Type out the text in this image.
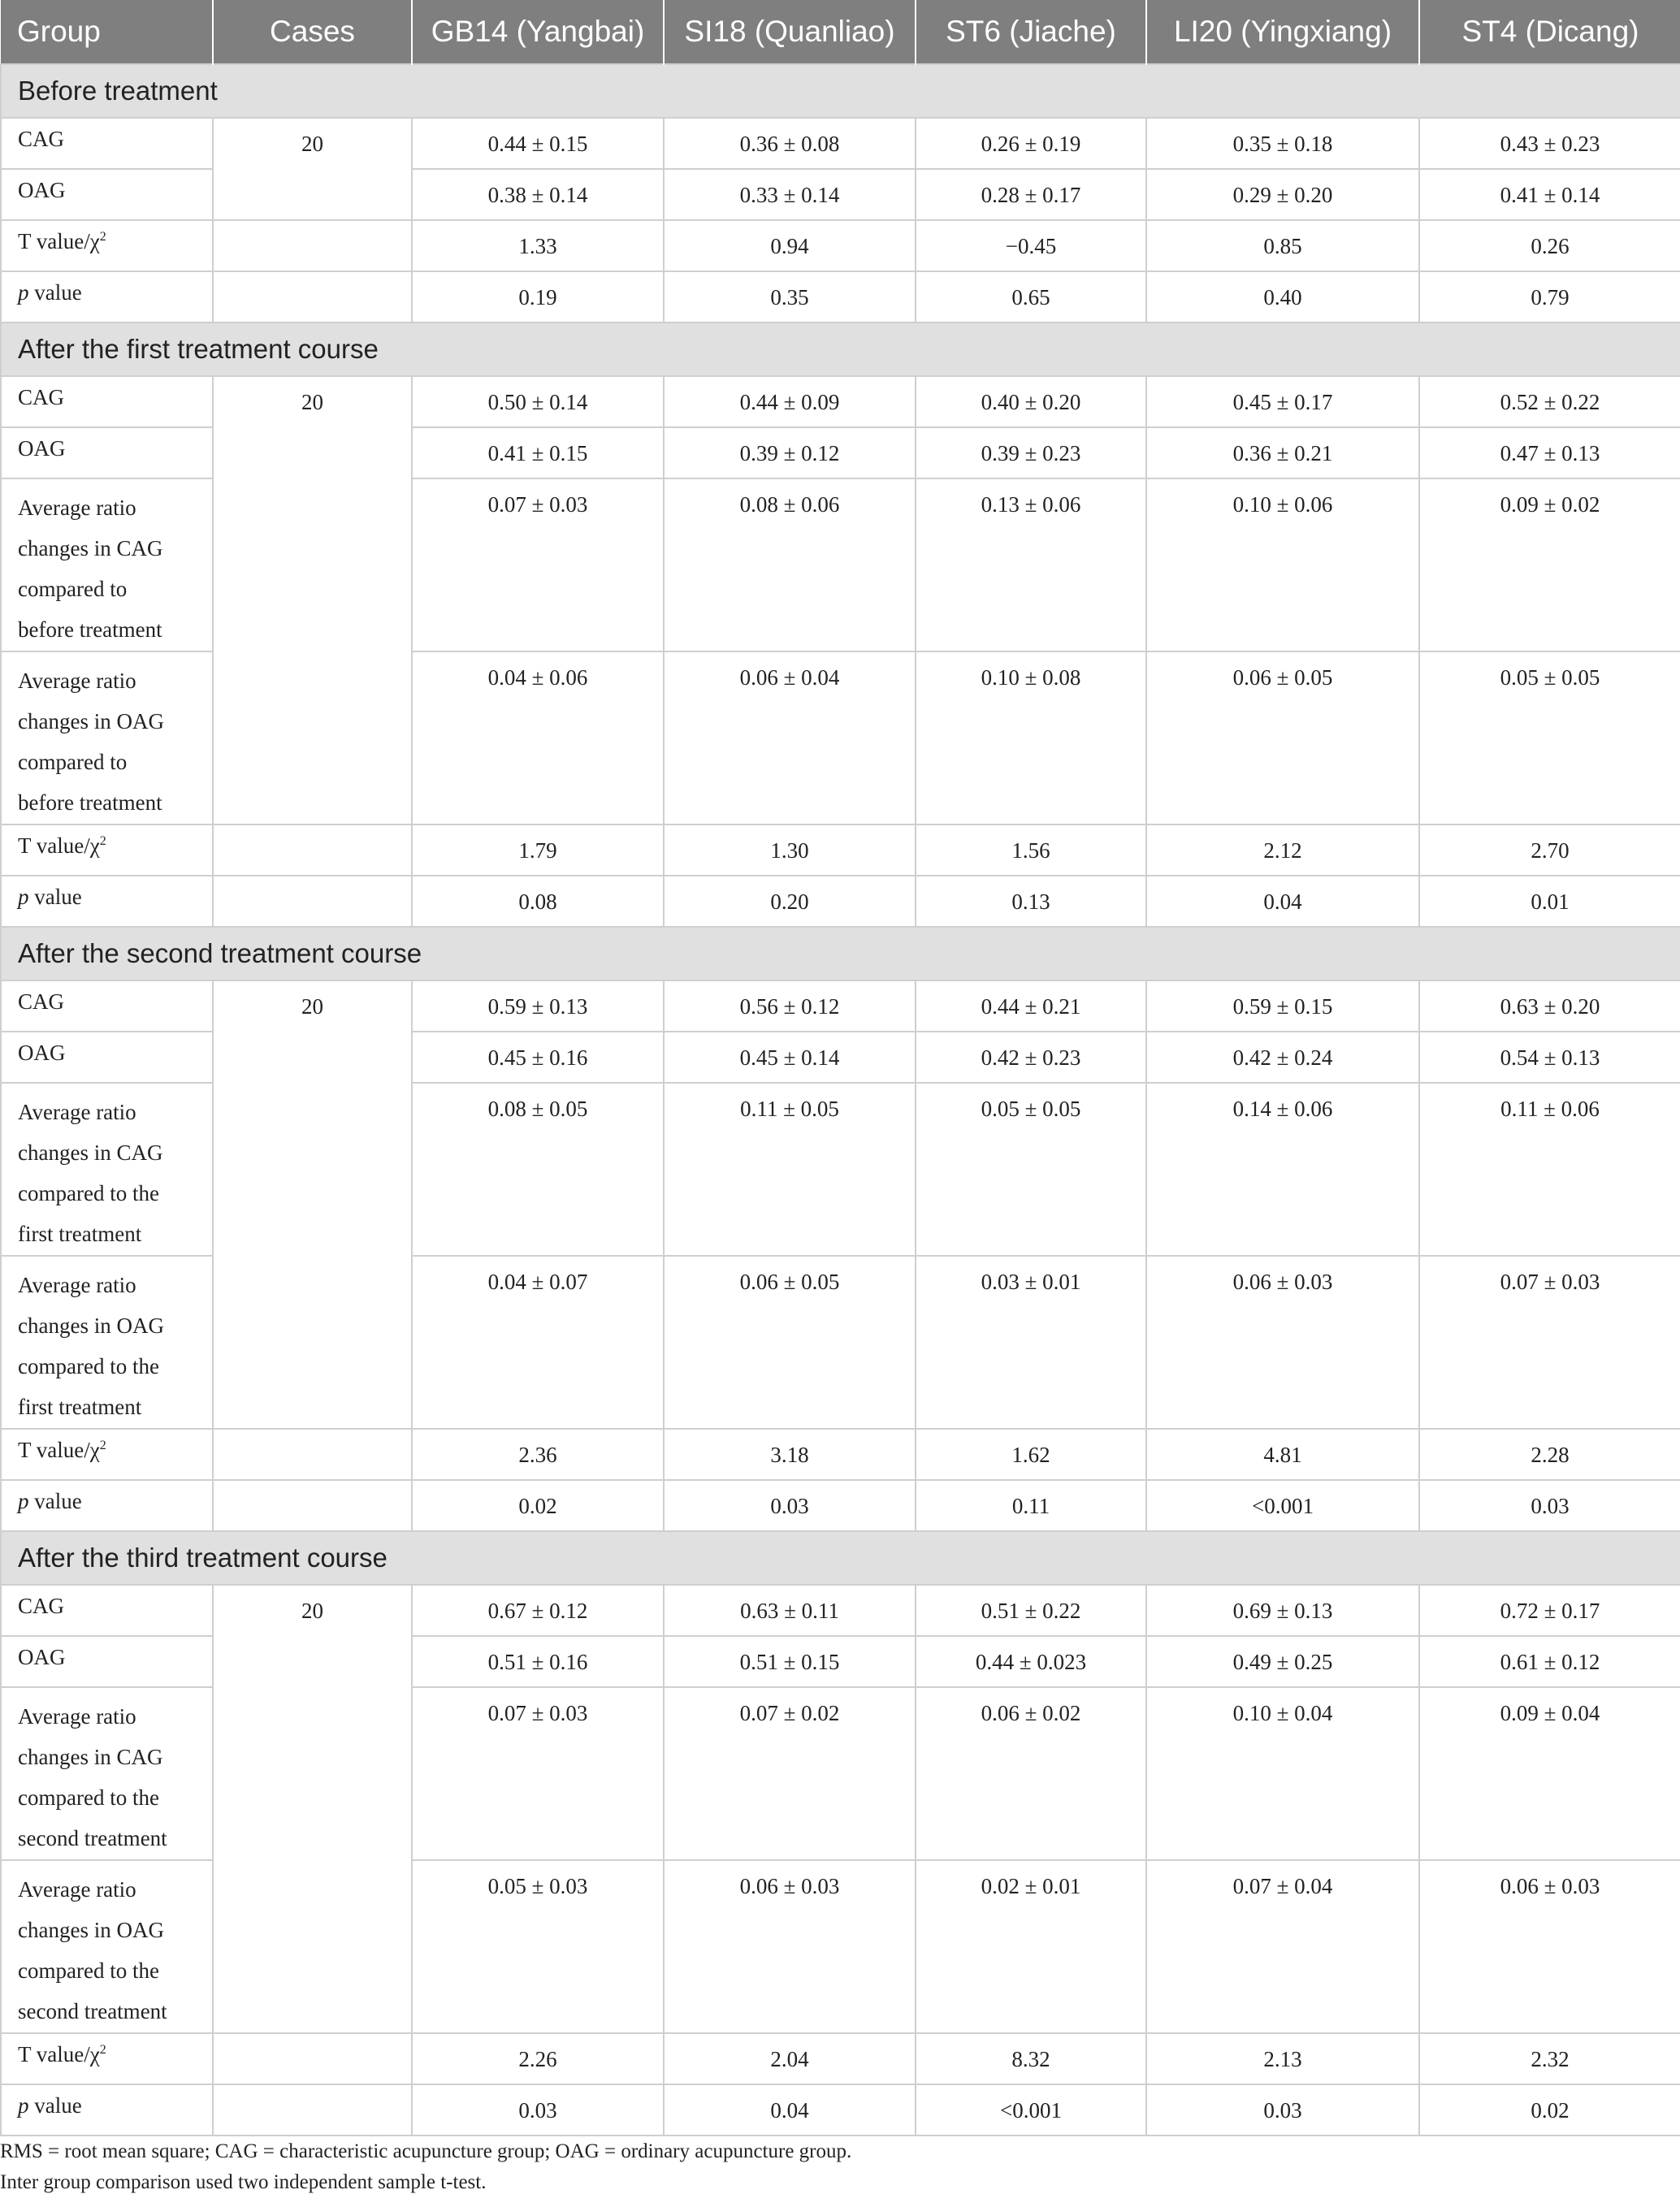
Group	Cases	GB14 (Yangbai)	SI18 (Quanliao)	ST6 (Jiache)	LI20 (Yingxiang)	ST4 (Dicang)
Before treatment						
CAG	20	0.44 ± 0.15	0.36 ± 0.08	0.26 ± 0.19	0.35 ± 0.18	0.43 ± 0.23
OAG		0.38 ± 0.14	0.33 ± 0.14	0.28 ± 0.17	0.29 ± 0.20	0.41 ± 0.14
T value/$\chi^2$		1.33	0.94	−0.45	0.85	0.26
p value		0.19	0.35	0.65	0.40	0.79
After the first treatment course						
CAG	20	0.50 ± 0.14	0.44 ± 0.09	0.40 ± 0.20	0.45 ± 0.17	0.52 ± 0.22
OAG		0.41 ± 0.15	0.39 ± 0.12	0.39 ± 0.23	0.36 ± 0.21	0.47 ± 0.13

Average ratio
changes in CAG
compared to
before treatment		0.07 ± 0.03	0.08 ± 0.06	0.13 ± 0.06	0.10 ± 0.06	0.09 ± 0.02

Average ratio
changes in OAG
compared to
before treatment		0.04 ± 0.06	0.06 ± 0.04	0.10 ± 0.08	0.06 ± 0.05	0.05 ± 0.05
T value/$\chi^2$		1.79	1.30	1.56	2.12	2.70
p value		0.08	0.20	0.13	0.04	0.01
After the second treatment course						
CAG	20	0.59 ± 0.13	0.56 ± 0.12	0.44 ± 0.21	0.59 ± 0.15	0.63 ± 0.20
OAG		0.45 ± 0.16	0.45 ± 0.14	0.42 ± 0.23	0.42 ± 0.24	0.54 ± 0.13

Average ratio
changes in CAG
compared to the
first treatment		0.08 ± 0.05	0.11 ± 0.05	0.05 ± 0.05	0.14 ± 0.06	0.11 ± 0.06

Average ratio
changes in OAG
compared to the
first treatment		0.04 ± 0.07	0.06 ± 0.05	0.03 ± 0.01	0.06 ± 0.03	0.07 ± 0.03
T value/$\chi^2$		2.36	3.18	1.62	4.81	2.28
p value		0.02	0.03	0.11	<0.001	0.03
After the third treatment course						
CAG	20	0.67 ± 0.12	0.63 ± 0.11	0.51 ± 0.22	0.69 ± 0.13	0.72 ± 0.17
OAG		0.51 ± 0.16	0.51 ± 0.15	0.44 ± 0.023	0.49 ± 0.25	0.61 ± 0.12

Average ratio
changes in CAG
compared to the
second treatment		0.07 ± 0.03	0.07 ± 0.02	0.06 ± 0.02	0.10 ± 0.04	0.09 ± 0.04

Average ratio
changes in OAG
compared to the
second treatment		0.05 ± 0.03	0.06 ± 0.03	0.02 ± 0.01	0.07 ± 0.04	0.06 ± 0.03
T value/$\chi^2$		2.26	2.04	8.32	2.13	2.32
p value		0.03	0.04	<0.001	0.03	0.02
RMS = root mean square; CAG = characteristic acupuncture group; OAG = ordinary acupuncture group.
Inter group comparison used two independent sample t-test.
